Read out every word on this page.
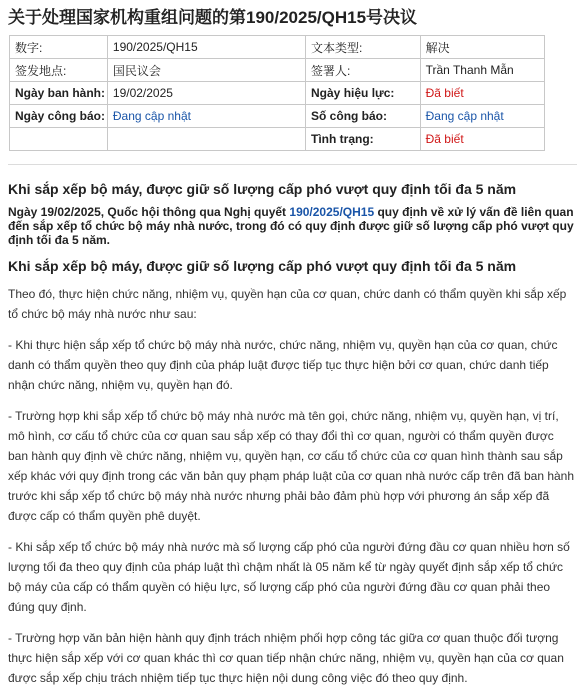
关于处理国家机构重组问题的第190/2025/QH15号决议
数字:	190/2025/QH15	文本类型:	解决
签发地点:	国民议会	签署人:	Trần Thanh Mẫn
Ngày ban hành:	19/02/2025	Ngày hiệu lực:	Đã biết
Ngày công báo:	Đang cập nhật	Số công báo:	Đang cập nhật
		Tình trạng:	Đã biết
Khi sắp xếp bộ máy, được giữ số lượng cấp phó vượt quy định tối đa 5 năm

Ngày 19/02/2025, Quốc hội thông qua Nghị quyết 190/2025/QH15 quy định về xử lý vấn đề liên quan đến sắp xếp tổ chức bộ máy nhà nước, trong đó có quy định được giữ số lượng cấp phó vượt quy định tối đa 5 năm.

Khi sắp xếp bộ máy, được giữ số lượng cấp phó vượt quy định tối đa 5 năm

Theo đó, thực hiện chức năng, nhiệm vụ, quyền hạn của cơ quan, chức danh có thẩm quyền khi sắp xếp tổ chức bộ máy nhà nước như sau:

- Khi thực hiện sắp xếp tổ chức bộ máy nhà nước, chức năng, nhiệm vụ, quyền hạn của cơ quan, chức danh có thẩm quyền theo quy định của pháp luật được tiếp tục thực hiện bởi cơ quan, chức danh tiếp nhận chức năng, nhiệm vụ, quyền hạn đó.

- Trường hợp khi sắp xếp tổ chức bộ máy nhà nước mà tên gọi, chức năng, nhiệm vụ, quyền hạn, vị trí, mô hình, cơ cấu tổ chức của cơ quan sau sắp xếp có thay đổi thì cơ quan, người có thẩm quyền được ban hành quy định về chức năng, nhiệm vụ, quyền hạn, cơ cấu tổ chức của cơ quan hình thành sau sắp xếp khác với quy định trong các văn bản quy phạm pháp luật của cơ quan nhà nước cấp trên đã ban hành trước khi sắp xếp tổ chức bộ máy nhà nước nhưng phải bảo đảm phù hợp với phương án sắp xếp đã được cấp có thẩm quyền phê duyệt.

- Khi sắp xếp tổ chức bộ máy nhà nước mà số lượng cấp phó của người đứng đầu cơ quan nhiều hơn số lượng tối đa theo quy định của pháp luật thì chậm nhất là 05 năm kể từ ngày quyết định sắp xếp tổ chức bộ máy của cấp có thẩm quyền có hiệu lực, số lượng cấp phó của người đứng đầu cơ quan phải theo đúng quy định.

- Trường hợp văn bản hiện hành quy định trách nhiệm phối hợp công tác giữa cơ quan thuộc đối tượng thực hiện sắp xếp với cơ quan khác thì cơ quan tiếp nhận chức năng, nhiệm vụ, quyền hạn của cơ quan được sắp xếp chịu trách nhiệm tiếp tục thực hiện nội dung công việc đó theo quy định.
